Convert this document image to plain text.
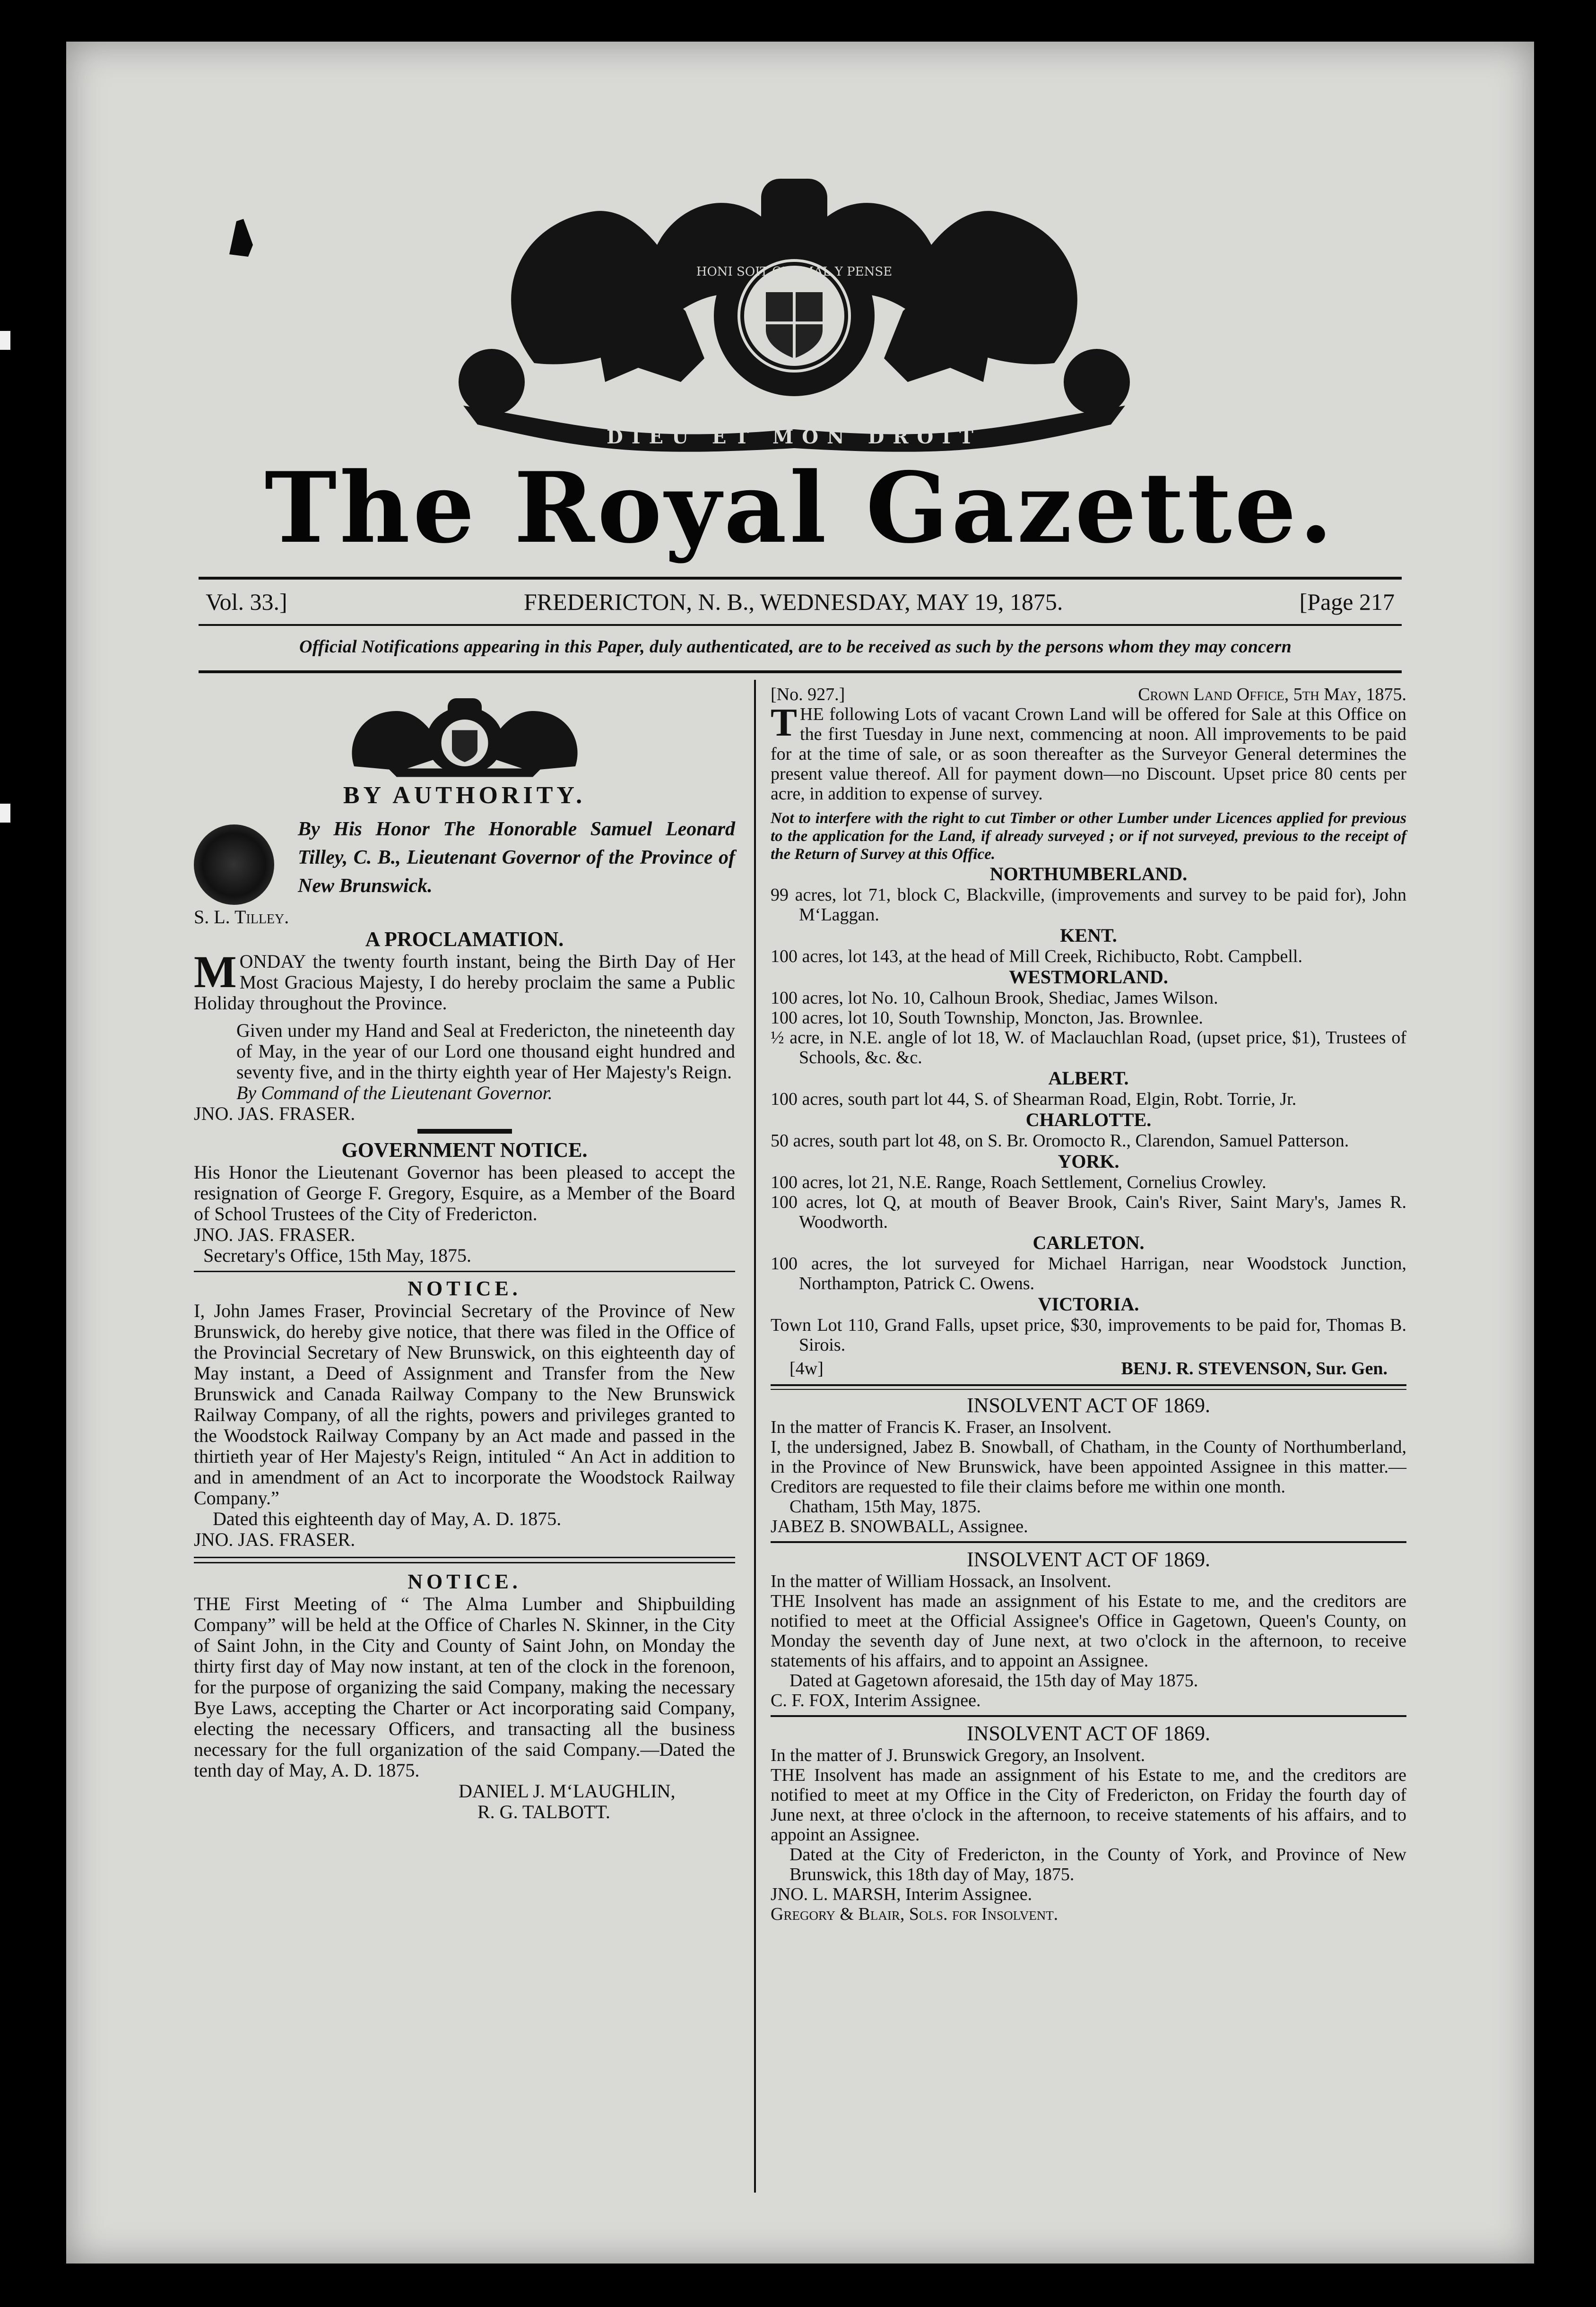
HONI SOIT QUI MAL Y PENSE
DIEU ET MON DROIT
The Royal Gazette.
Vol. 33.]	FREDERICTON, N. B., WEDNESDAY, MAY 19, 1875.	[Page 217
Official Notifications appearing in this Paper, duly authenticated, are to be received as such by the persons whom they may concern
BY AUTHORITY.

By His Honor The Honorable Samuel Leonard Tilley, C. B., Lieutenant Governor of the Province of New Brunswick.

S. L. Tilley.

A PROCLAMATION.

MONDAY the twenty fourth instant, being the Birth Day of Her Most Gracious Majesty, I do hereby proclaim the same a Public Holiday throughout the Province.

Given under my Hand and Seal at Fredericton, the nineteenth day of May, in the year of our Lord one thousand eight hundred and seventy five, and in the thirty eighth year of Her Majesty's Reign.

By Command of the Lieutenant Governor.

JNO. JAS. FRASER.

GOVERNMENT NOTICE.

His Honor the Lieutenant Governor has been pleased to accept the resignation of George F. Gregory, Esquire, as a Member of the Board of School Trustees of the City of Fredericton.

JNO. JAS. FRASER.

Secretary's Office, 15th May, 1875.

NOTICE.

I, John James Fraser, Provincial Secretary of the Province of New Brunswick, do hereby give notice, that there was filed in the Office of the Provincial Secretary of New Brunswick, on this eighteenth day of May instant, a Deed of Assignment and Transfer from the New Brunswick and Canada Railway Company to the New Brunswick Railway Company, of all the rights, powers and privileges granted to the Woodstock Railway Company by an Act made and passed in the thirtieth year of Her Majesty's Reign, intituled “ An Act in addition to and in amendment of an Act to incorporate the Woodstock Railway Company.”

Dated this eighteenth day of May, A. D. 1875.

JNO. JAS. FRASER.

NOTICE.

THE First Meeting of “ The Alma Lumber and Shipbuilding Company” will be held at the Office of Charles N. Skinner, in the City of Saint John, in the City and County of Saint John, on Monday the thirty first day of May now instant, at ten of the clock in the forenoon, for the purpose of organizing the said Company, making the necessary Bye Laws, accepting the Charter or Act incorporating said Company, electing the necessary Officers, and transacting all the business necessary for the full organization of the said Company.—Dated the tenth day of May, A. D. 1875.

DANIEL J. M‘LAUGHLIN,

R. G. TALBOTT.

[No. 927.]	Crown Land Office, 5th May, 1875.

THE following Lots of vacant Crown Land will be offered for Sale at this Office on the first Tuesday in June next, commencing at noon. All improvements to be paid for at the time of sale, or as soon thereafter as the Surveyor General determines the present value thereof. All for payment down—no Discount. Upset price 80 cents per acre, in addition to expense of survey.

Not to interfere with the right to cut Timber or other Lumber under Licences applied for previous to the application for the Land, if already surveyed ; or if not surveyed, previous to the receipt of the Return of Survey at this Office.

NORTHUMBERLAND.

99 acres, lot 71, block C, Blackville, (improvements and survey to be paid for), John M‘Laggan.

KENT.

100 acres, lot 143, at the head of Mill Creek, Richibucto, Robt. Campbell.

WESTMORLAND.

100 acres, lot No. 10, Calhoun Brook, Shediac, James Wilson.

100 acres, lot 10, South Township, Moncton, Jas. Brownlee.

½ acre, in N.E. angle of lot 18, W. of Maclauchlan Road, (upset price, $1), Trustees of Schools, &c. &c.

ALBERT.

100 acres, south part lot 44, S. of Shearman Road, Elgin, Robt. Torrie, Jr.

CHARLOTTE.

50 acres, south part lot 48, on S. Br. Oromocto R., Clarendon, Samuel Patterson.

YORK.

100 acres, lot 21, N.E. Range, Roach Settlement, Cornelius Crowley.

100 acres, lot Q, at mouth of Beaver Brook, Cain's River, Saint Mary's, James R. Woodworth.

CARLETON.

100 acres, the lot surveyed for Michael Harrigan, near Woodstock Junction, Northampton, Patrick C. Owens.

VICTORIA.

Town Lot 110, Grand Falls, upset price, $30, improvements to be paid for, Thomas B. Sirois.

[4w]	BENJ. R. STEVENSON, Sur. Gen.
INSOLVENT ACT OF 1869.

In the matter of Francis K. Fraser, an Insolvent.

I, the undersigned, Jabez B. Snowball, of Chatham, in the County of Northumberland, in the Province of New Brunswick, have been appointed Assignee in this matter.—Creditors are requested to file their claims before me within one month.

Chatham, 15th May, 1875.

JABEZ B. SNOWBALL, Assignee.

INSOLVENT ACT OF 1869.

In the matter of William Hossack, an Insolvent.

THE Insolvent has made an assignment of his Estate to me, and the creditors are notified to meet at the Official Assignee's Office in Gagetown, Queen's County, on Monday the seventh day of June next, at two o'clock in the afternoon, to receive statements of his affairs, and to appoint an Assignee.

Dated at Gagetown aforesaid, the 15th day of May 1875.

C. F. FOX, Interim Assignee.

INSOLVENT ACT OF 1869.

In the matter of J. Brunswick Gregory, an Insolvent.

THE Insolvent has made an assignment of his Estate to me, and the creditors are notified to meet at my Office in the City of Fredericton, on Friday the fourth day of June next, at three o'clock in the afternoon, to receive statements of his affairs, and to appoint an Assignee.

Dated at the City of Fredericton, in the County of York, and Province of New Brunswick, this 18th day of May, 1875.

JNO. L. MARSH, Interim Assignee.

Gregory & Blair, Sols. for Insolvent.
